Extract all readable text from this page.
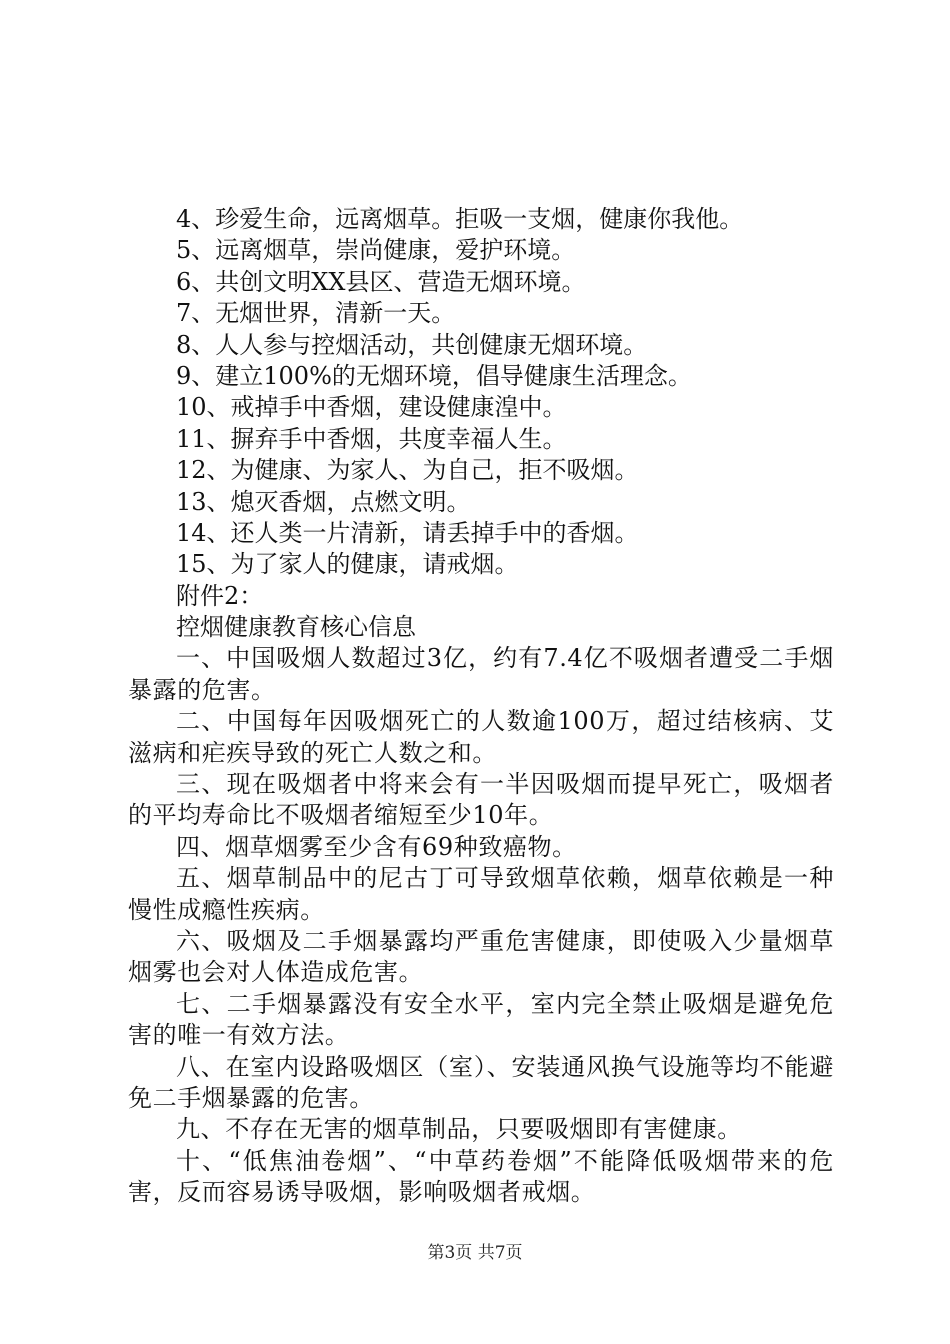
4、珍爱生命，远离烟草。拒吸一支烟，健康你我他。
5、远离烟草，崇尚健康，爱护环境。
6、共创文明XX县区、营造无烟环境。
7、无烟世界，清新一天。
8、人人参与控烟活动，共创健康无烟环境。
9、建立100%的无烟环境，倡导健康生活理念。
10、戒掉手中香烟，建设健康湟中。
11、摒弃手中香烟，共度幸福人生。
12、为健康、为家人、为自己，拒不吸烟。
13、熄灭香烟，点燃文明。
14、还人类一片清新，请丢掉手中的香烟。
15、为了家人的健康，请戒烟。
附件2：
控烟健康教育核心信息
一、中国吸烟人数超过3亿，约有7.4亿不吸烟者遭受二手烟暴露的危害。
二、中国每年因吸烟死亡的人数逾100万，超过结核病、艾滋病和疟疾导致的死亡人数之和。
三、现在吸烟者中将来会有一半因吸烟而提早死亡，吸烟者的平均寿命比不吸烟者缩短至少10年。
四、烟草烟雾至少含有69种致癌物。
五、烟草制品中的尼古丁可导致烟草依赖，烟草依赖是一种慢性成瘾性疾病。
六、吸烟及二手烟暴露均严重危害健康，即使吸入少量烟草烟雾也会对人体造成危害。
七、二手烟暴露没有安全水平，室内完全禁止吸烟是避免危害的唯一有效方法。
八、在室内设路吸烟区（室）、安装通风换气设施等均不能避免二手烟暴露的危害。
九、不存在无害的烟草制品，只要吸烟即有害健康。
十、“低焦油卷烟”、“中草药卷烟”不能降低吸烟带来的危害，反而容易诱导吸烟，影响吸烟者戒烟。
第3页 共7页
